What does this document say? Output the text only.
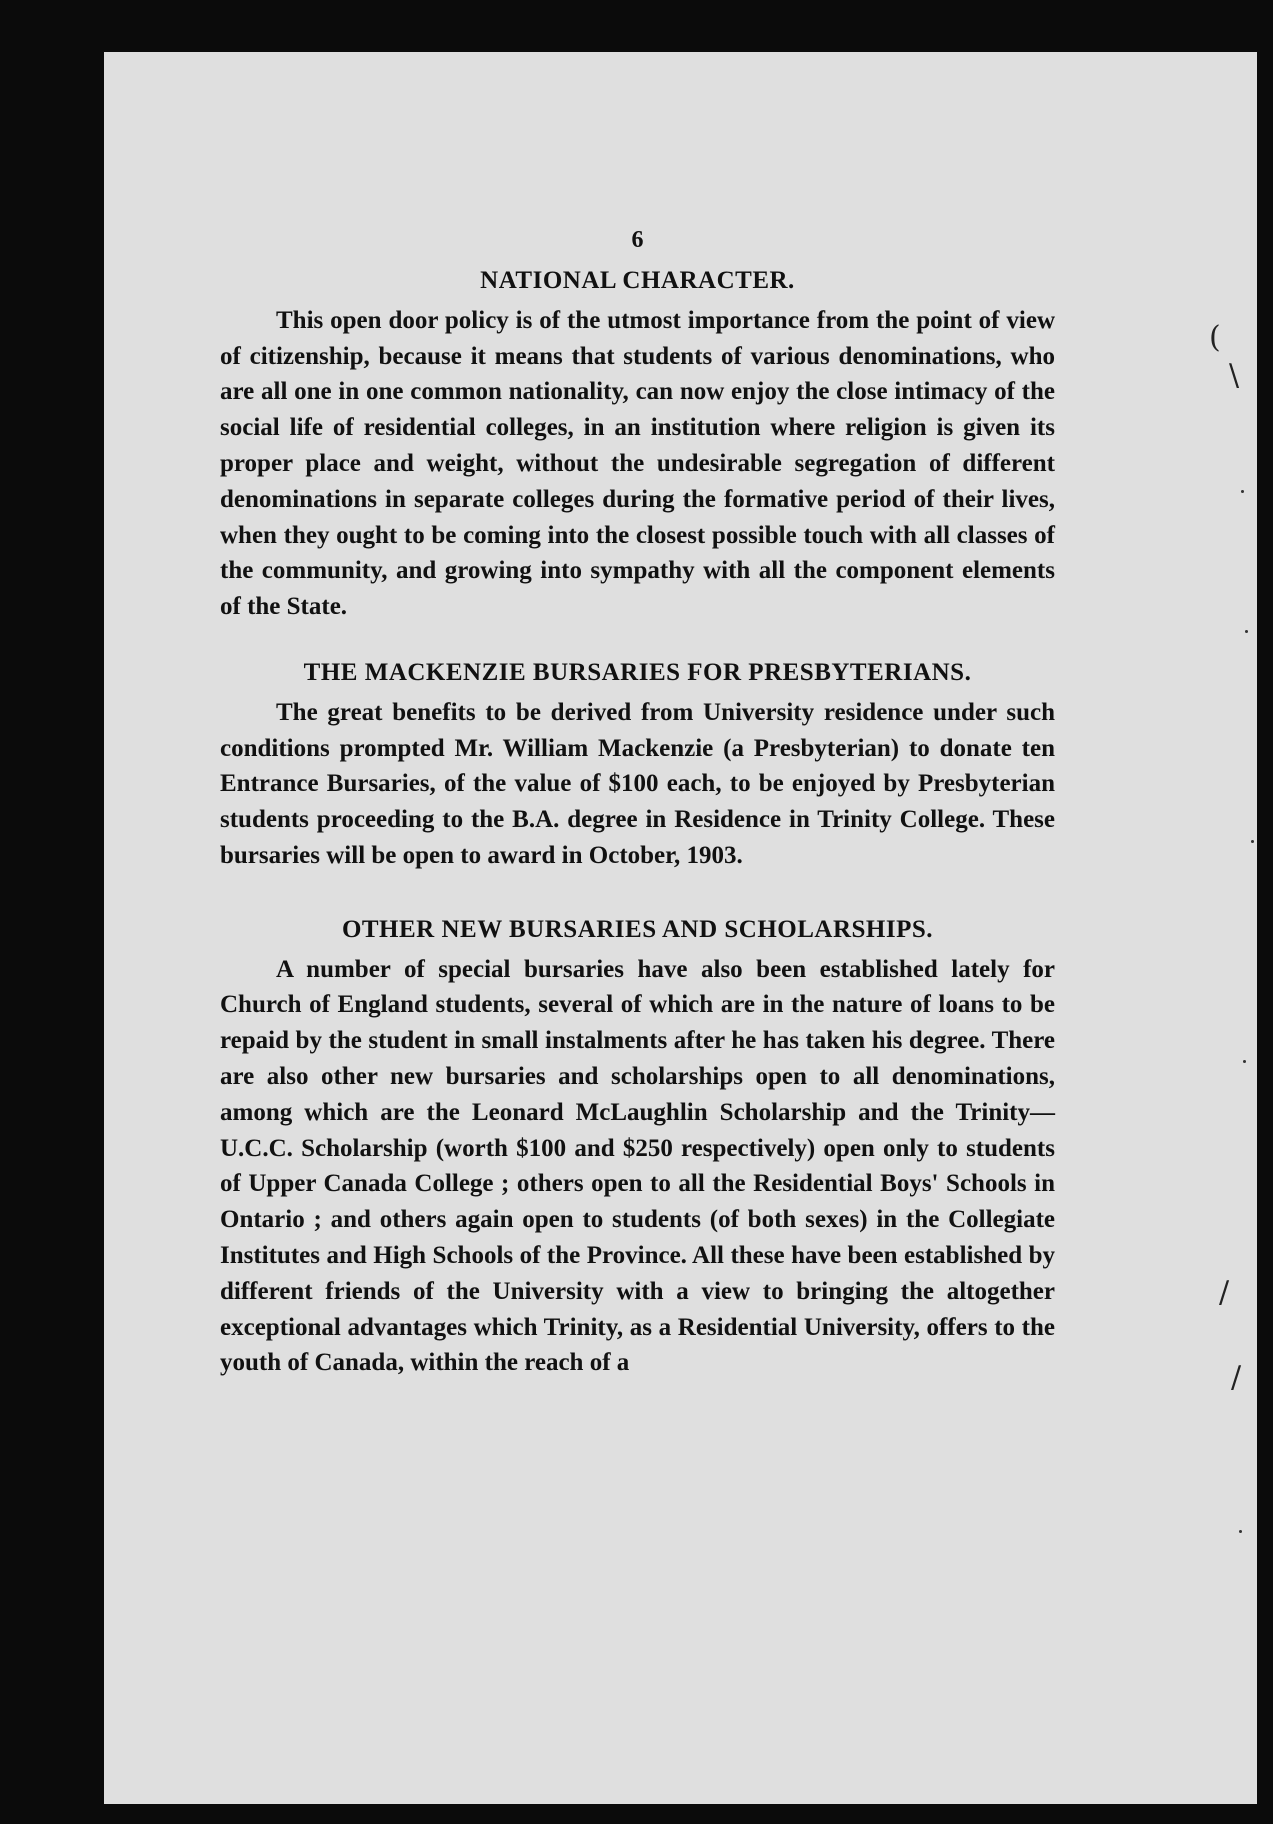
6
NATIONAL CHARACTER.

This open door policy is of the utmost importance from the point of view of citizenship, because it means that students of various denominations, who are all one in one common nationality, can now enjoy the close intimacy of the social life of residential colleges, in an institution where religion is given its proper place and weight, without the undesirable segregation of different denominations in separate colleges during the formative period of their lives, when they ought to be coming into the closest possible touch with all classes of the community, and growing into sympathy with all the component elements of the State.

THE MACKENZIE BURSARIES FOR PRESBYTERIANS.

The great benefits to be derived from University residence under such conditions prompted Mr. William Mackenzie (a Presbyterian) to donate ten Entrance Bursaries, of the value of $100 each, to be enjoyed by Presbyterian students proceeding to the B.A. degree in Residence in Trinity College. These bursaries will be open to award in October, 1903.

OTHER NEW BURSARIES AND SCHOLARSHIPS.

A number of special bursaries have also been established lately for Church of England students, several of which are in the nature of loans to be repaid by the student in small instalments after he has taken his degree. There are also other new bursaries and scholarships open to all denominations, among which are the Leonard McLaughlin Scholarship and the Trinity—U.C.C. Scholarship (worth $100 and $250 respectively) open only to students of Upper Canada College ; others open to all the Residential Boys' Schools in Ontario ; and others again open to students (of both sexes) in the Collegiate Institutes and High Schools of the Province. All these have been established by different friends of the University with a view to bringing the altogether exceptional advantages which Trinity, as a Residential University, offers to the youth of Canada, within the reach of a

(
\
/
/
